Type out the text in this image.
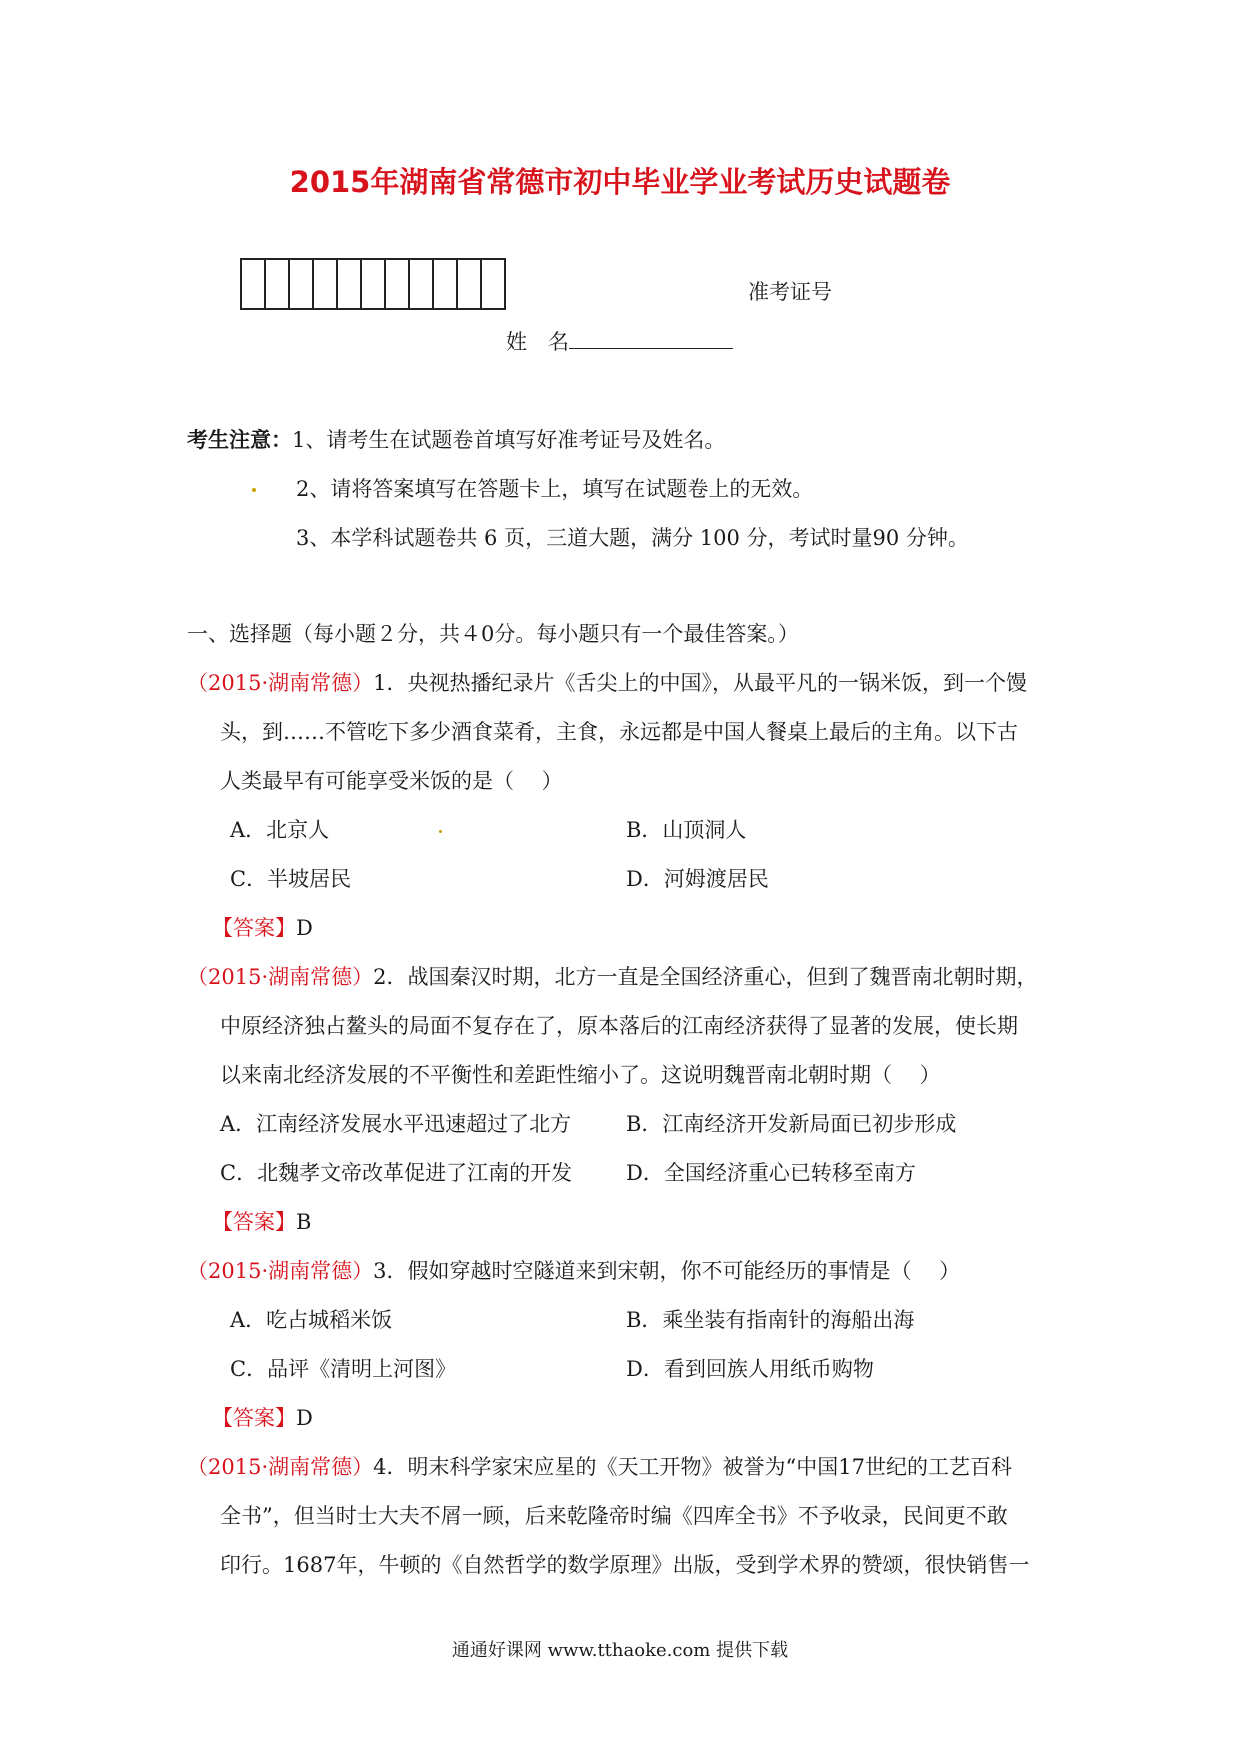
2015年湖南省常德市初中毕业学业考试历史试题卷
准考证号
姓　名
考生注意：1、请考生在试题卷首填写好准考证号及姓名。
2、请将答案填写在答题卡上，填写在试题卷上的无效。
3、本学科试题卷共 6 页，三道大题，满分 100 分，考试时量90 分钟。
一、选择题（每小题２分，共４0分。每小题只有一个最佳答案。）
（2015·湖南常德）1．央视热播纪录片《舌尖上的中国》，从最平凡的一锅米饭，到一个馒
头，到……不管吃下多少酒食菜肴，主食，永远都是中国人餐桌上最后的主角。以下古
人类最早有可能享受米饭的是（　 ）
A．北京人	B．山顶洞人
C．半坡居民	D．河姆渡居民
【答案】D
（2015·湖南常德）2．战国秦汉时期，北方一直是全国经济重心，但到了魏晋南北朝时期，
中原经济独占鳌头的局面不复存在了，原本落后的江南经济获得了显著的发展，使长期
以来南北经济发展的不平衡性和差距性缩小了。这说明魏晋南北朝时期（　 ）
A．江南经济发展水平迅速超过了北方	B．江南经济开发新局面已初步形成
C．北魏孝文帝改革促进了江南的开发	D．全国经济重心已转移至南方
【答案】B
（2015·湖南常德）3．假如穿越时空隧道来到宋朝，你不可能经历的事情是（　 ）
A．吃占城稻米饭	B．乘坐装有指南针的海船出海
C．品评《清明上河图》	D．看到回族人用纸币购物
【答案】D
（2015·湖南常德）4．明末科学家宋应星的《天工开物》被誉为“中国17世纪的工艺百科
全书”，但当时士大夫不屑一顾，后来乾隆帝时编《四库全书》不予收录，民间更不敢
印行。1687年，牛顿的《自然哲学的数学原理》出版，受到学术界的赞颂，很快销售一
通通好课网 www.tthaoke.com 提供下载
